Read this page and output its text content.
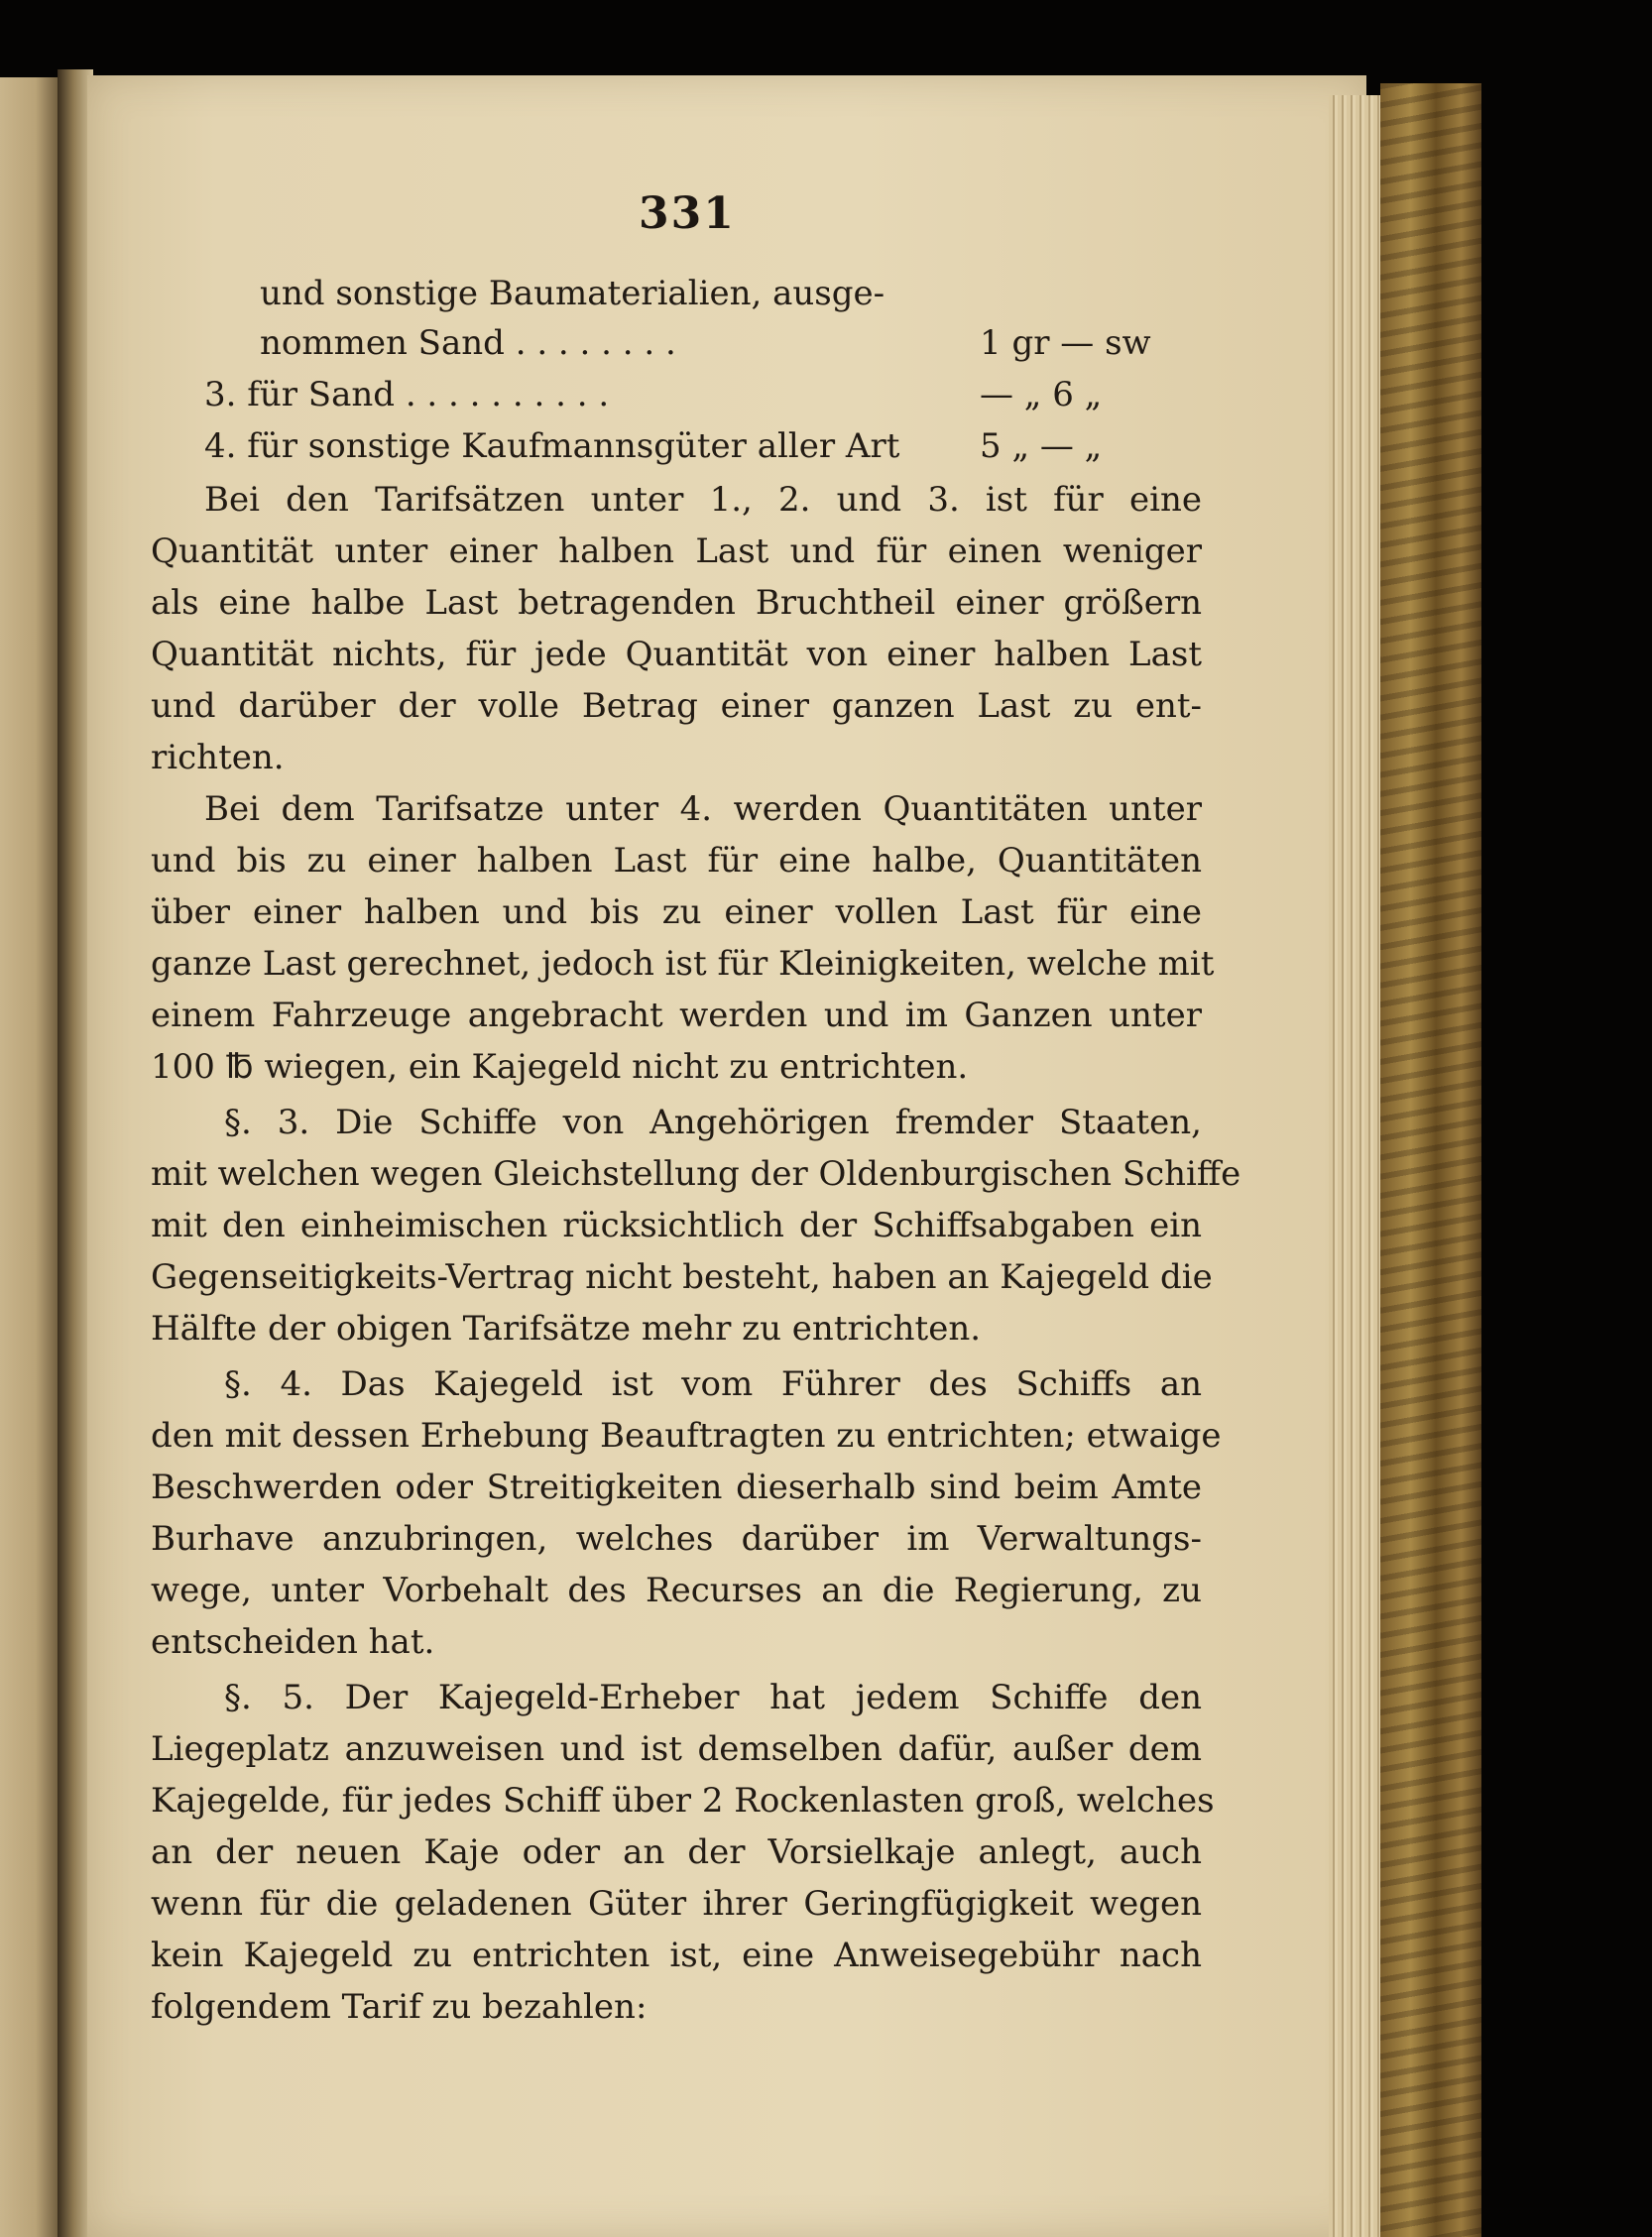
331
und sonstige Baumaterialien, ausge-
nommen Sand . . . . . . . .	1 gr — sw
3. für Sand . . . . . . . . . .	— „ 6 „
4. für sonstige Kaufmannsgüter aller Art 5 „ — „
Bei den Tarifsätzen unter 1., 2. und 3. ist für eine
Quantität unter einer halben Last und für einen weniger
als eine halbe Last betragenden Bruchtheil einer größern
Quantität nichts, für jede Quantität von einer halben Last
und darüber der volle Betrag einer ganzen Last zu ent-
richten.
Bei dem Tarifsatze unter 4. werden Quantitäten unter
und bis zu einer halben Last für eine halbe, Quantitäten
über einer halben und bis zu einer vollen Last für eine
ganze Last gerechnet, jedoch ist für Kleinigkeiten, welche mit
einem Fahrzeuge angebracht werden und im Ganzen unter
100 ℔ wiegen, ein Kajegeld nicht zu entrichten.
§. 3. Die Schiffe von Angehörigen fremder Staaten,
mit welchen wegen Gleichstellung der Oldenburgischen Schiffe
mit den einheimischen rücksichtlich der Schiffsabgaben ein
Gegenseitigkeits-Vertrag nicht besteht, haben an Kajegeld die
Hälfte der obigen Tarifsätze mehr zu entrichten.
§. 4. Das Kajegeld ist vom Führer des Schiffs an
den mit dessen Erhebung Beauftragten zu entrichten; etwaige
Beschwerden oder Streitigkeiten dieserhalb sind beim Amte
Burhave anzubringen, welches darüber im Verwaltungs-
wege, unter Vorbehalt des Recurses an die Regierung, zu
entscheiden hat.
§. 5. Der Kajegeld-Erheber hat jedem Schiffe den
Liegeplatz anzuweisen und ist demselben dafür, außer dem
Kajegelde, für jedes Schiff über 2 Rockenlasten groß, welches
an der neuen Kaje oder an der Vorsielkaje anlegt, auch
wenn für die geladenen Güter ihrer Geringfügigkeit wegen
kein Kajegeld zu entrichten ist, eine Anweisegebühr nach
folgendem Tarif zu bezahlen:
